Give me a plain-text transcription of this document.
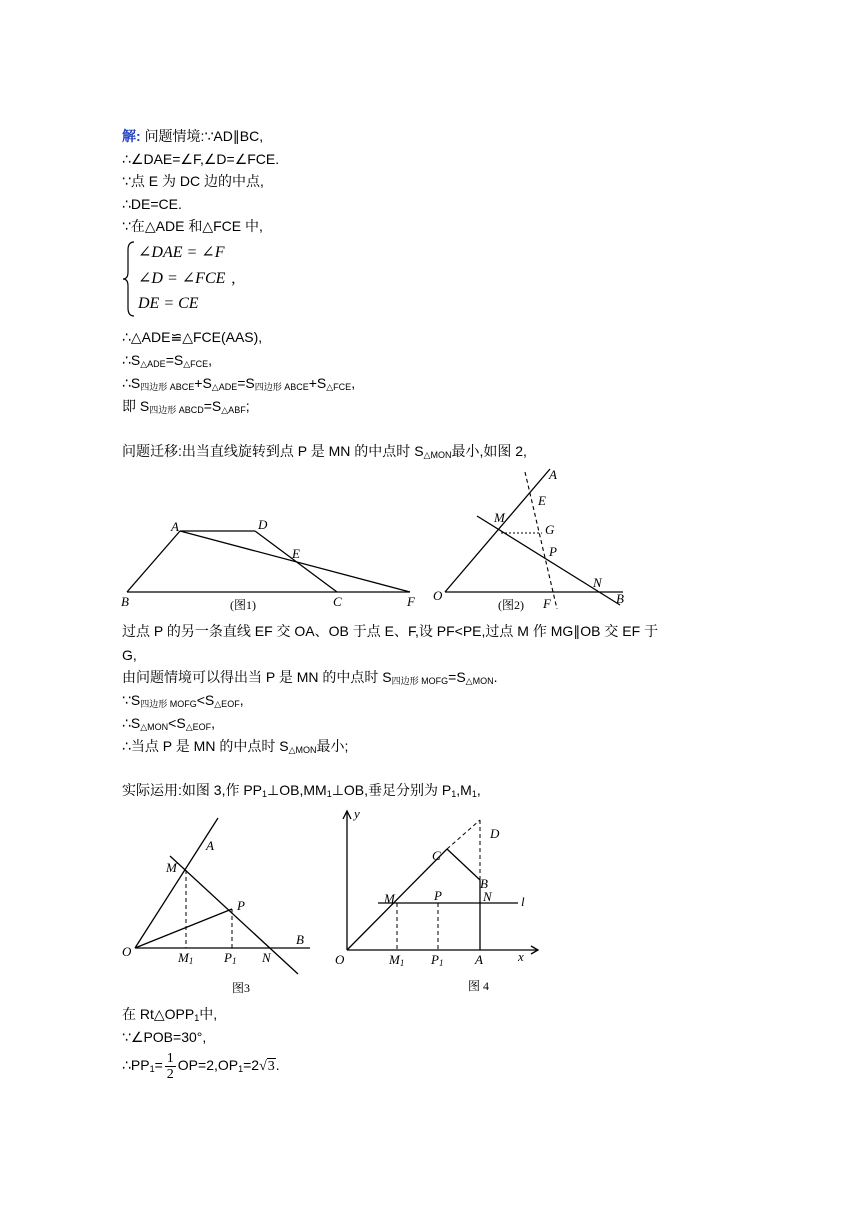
解: 问题情境:∵AD∥BC,
∴∠DAE=∠F,∠D=∠FCE.
∵点 E 为 DC 边的中点,
∴DE=CE.
∵在△ADE 和△FCE 中,
∠DAE = ∠F
∠D = ∠FCE ,
DE = CE
∴△ADE≌△FCE(AAS),
$\therefore S_{\triangle ADE}=S_{\triangle FCE}$,
$\therefore S_{四边形 ABCE}+S_{\triangle ADE}=S_{四边形 ABCE}+S_{\triangle FCE}$,
即 $S_{四边形 ABCD}=S_{\triangle ABF}$;
问题迁移:出当直线旋转到点 P 是 MN 的中点时 $S_{\triangle MON}$最小,如图 2,
A	D
E
B	C	F
(图1)
A
E
M
G
P
N
O
F	B
(图2)
过点 P 的另一条直线 EF 交 OA、OB 于点 E、F,设 PF<PE,过点 M 作 MG∥OB 交 EF 于
G,
由问题情境可以得出当 P 是 MN 的中点时 $S_{四边形 MOFG}=S_{\triangle MON}$.
$\because S_{四边形 MOFG}<S_{\triangle EOF}$,
$\therefore S_{\triangle MON}<S_{\triangle EOF}$,
∴当点 P 是 MN 的中点时 $S_{\triangle MON}$最小;
实际运用:如图 3,作 $PP_1\perp OB,MM_1\perp OB$,垂足分别为 $P_1,M_1$,
A
M
P
O	M1 P1 N
B
图3
y
D
C
B
M	P	N l
O	M1 P1 A	x
图 4
在 $Rt\triangle OPP_1$中,
∵∠POB=30°,
$\therefore PP_1= \frac{1}{2} OP=2,OP_1=2√3$.
